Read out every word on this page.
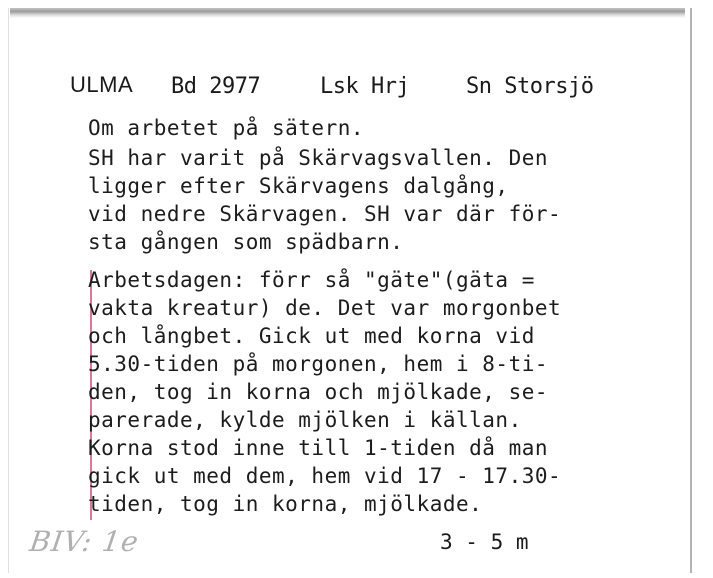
ULMA Bd 2977	Lsk Hrj	Sn Storsjö
Om arbetet på sätern.
SH har varit på Skärvagsvallen. Den
ligger efter Skärvagens dalgång,
vid nedre Skärvagen. SH var där för-
sta gången som spädbarn.
Arbetsdagen: förr så "gäte"(gäta =
vakta kreatur) de. Det var morgonbet
och långbet. Gick ut med korna vid
5.30-tiden på morgonen, hem i 8-ti-
den, tog in korna och mjölkade, se-
parerade, kylde mjölken i källan.
Korna stod inne till 1-tiden då man
gick ut med dem, hem vid 17 - 17.30-
tiden, tog in korna, mjölkade.
BIV: 1e	3 - 5 m
